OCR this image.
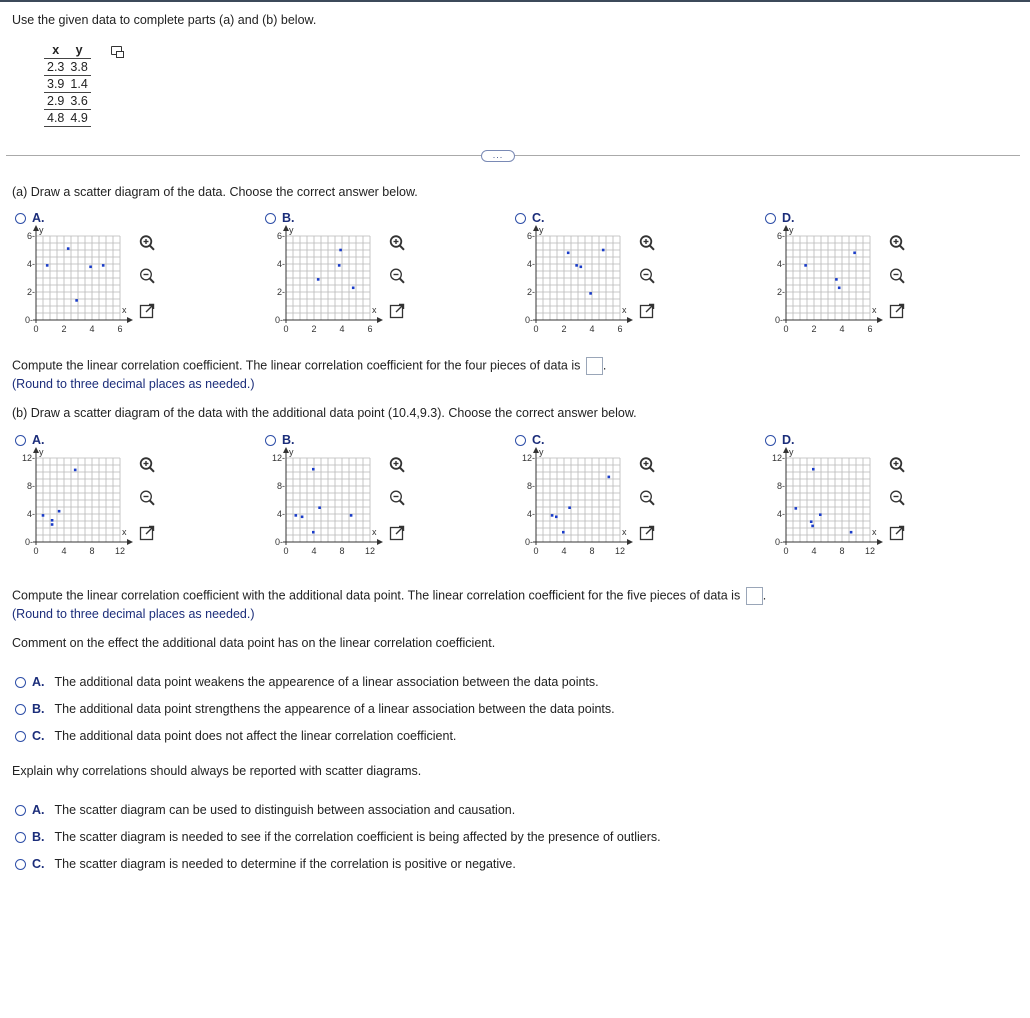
Use the given data to complete parts (a) and (b) below.
x	y
2.3	3.8
3.9	1.4
2.9	3.6
4.8	4.9
...
(a) Draw a scatter diagram of the data. Choose the correct answer below.
A.	B.	C.	D.
y
x
0	2	4	6
0-
2-
4-
6-
y
x
0	2	4	6
0-
2-
4-
6-
y
x
0	2	4	6
0-
2-
4-
6-
y
x
0	2	4	6
0-
2-
4-
6-
Compute the linear correlation coefficient. The linear correlation coefficient for the four pieces of data is .
(Round to three decimal places as needed.)
(b) Draw a scatter diagram of the data with the additional data point (10.4,9.3). Choose the correct answer below.
A.	B.	C.	D.
y
x
0	4	8 12
0-
4-
8-
12-
y
x
0	4	8 12
0-
4-
8-
12-
y
x
0	4	8 12
0-
4-
8-
12-
y
x
0	4	8 12
0-
4-
8-
12-
Compute the linear correlation coefficient with the additional data point. The linear correlation coefficient for the five pieces of data is .
(Round to three decimal places as needed.)
Comment on the effect the additional data point has on the linear correlation coefficient.
A. The additional data point weakens the appearence of a linear association between the data points.
B. The additional data point strengthens the appearence of a linear association between the data points.
C. The additional data point does not affect the linear correlation coefficient.
Explain why correlations should always be reported with scatter diagrams.
A. The scatter diagram can be used to distinguish between association and causation.
B. The scatter diagram is needed to see if the correlation coefficient is being affected by the presence of outliers.
C. The scatter diagram is needed to determine if the correlation is positive or negative.
